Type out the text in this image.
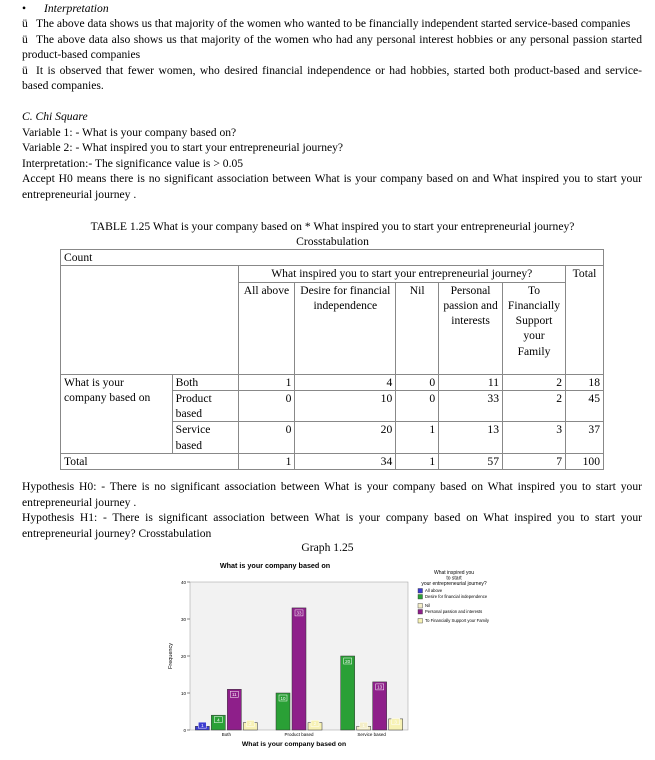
• Interpretation
ü The above data shows us that majority of the women who wanted to be financially independent started service-based companies
ü The above data also shows us that majority of the women who had any personal interest hobbies or any personal passion started product-based companies
ü It is observed that fewer women, who desired financial independence or had hobbies, started both product-based and service-based companies.
C. Chi Square
Variable 1: - What is your company based on?
Variable 2: - What inspired you to start your entrepreneurial journey?
Interpretation:- The significance value is > 0.05
Accept H0 means there is no significant association between What is your company based on and What inspired you to start your entrepreneurial journey .
TABLE 1.25 What is your company based on * What inspired you to start your entrepreneurial journey?
Crosstabulation
Count							
		What inspired you to start your entrepreneurial journey?					Total
		All above	Desire for financial independence	Nil	Personal passion and interests	To Financially Support your Family	
What is your company based on	Both	1	4	0	11	2	18
	Product based	0	10	0	33	2	45
	Service based	0	20	1	13	3	37
Total		1	34	1	57	7	100
Hypothesis H0: - There is no significant association between What is your company based on What inspired you to start your entrepreneurial journey .
Hypothesis H1: - There is significant association between What is your company based on What inspired you to start your entrepreneurial journey? Crosstabulation
Graph 1.25
What is your company based on
0
10
20
30
40
Frequency
What is your company based on
1
4
11
2
Both
10
33
2
Product based
20
1
13
3
Service based
What inspired you
to start
your entrepreneurial journey?
All above
Desire for financial independence
Nil
Personal passion and interests
To Financially Support your Family
